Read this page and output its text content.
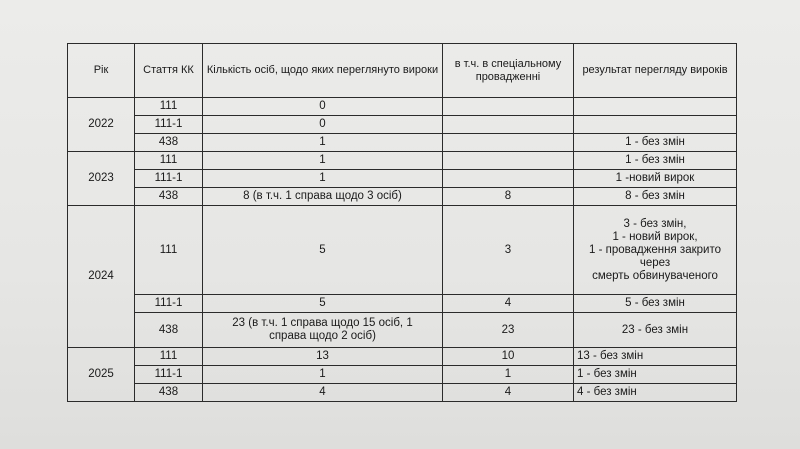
Рік	Стаття КК	Кількість осіб, щодо яких переглянуто вироки	в т.ч. в спеціальному провадженні	результат перегляду вироків
2022	111	0		
	111-1	0		
	438	1		1 - без змін
2023	111	1		1 - без змін
	111-1	1		1 -новий вирок
	438	8 (в т.ч. 1 справа щодо 3 осіб)	8	8 - без змін
2024	111	5	3	3 - без змін,
1 - новий вирок,
1 - провадження закрито через
смерть обвинуваченого

	111-1	5	4	5 - без змін
	438	23 (в т.ч. 1 справа щодо 15 осіб, 1
справа щодо 2 осіб)	23	23 - без змін
2025	111	13	10	13 - без змін
	111-1	1	1	1 - без змін
	438	4	4	4 - без змін
